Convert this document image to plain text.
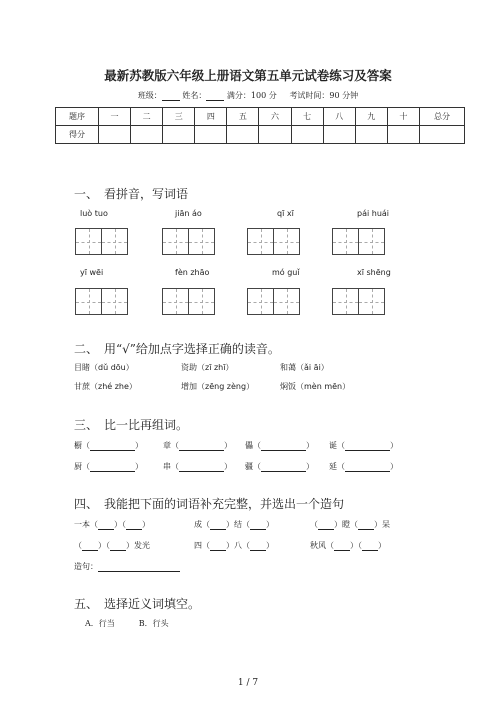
最新苏教版六年级上册语文第五单元试卷练习及答案
班级：	姓名：	满分：100 分 考试时间：90 分钟
题序	一	二	三	四	五	六	七	八	九	十	总分
得分											
一、　看拼音，写词语
luò tuo	jiān áo	qī xī	pái huái
yī wēi	fèn zhāo	mó guǐ	xī shēng
二、　用“√”给加点字选择正确的读音。
目睹（dǔ dōu）	资助（zī zhī）	和蔼（ǎi āi）
甘蔗（zhé zhe）	增加（zēng zèng）	焖饭（mèn mēn）
三、　比一比再组词。
橱（	）	章（	） 儡（	） 诞（	）
厨（	）	串（	） 疆（	） 延（	）
四、　我能把下面的词语补充完整，并选出一个造句
一本（ ）（ ）	成（ ）结（ ）	（ ）瞪（ ）呆
（ ）（ ）发光	四（ ）八（ ）	秋风（ ）（ ）
造句：
五、　选择近义词填空。
A．行当　　　B．行头
1 / 7
